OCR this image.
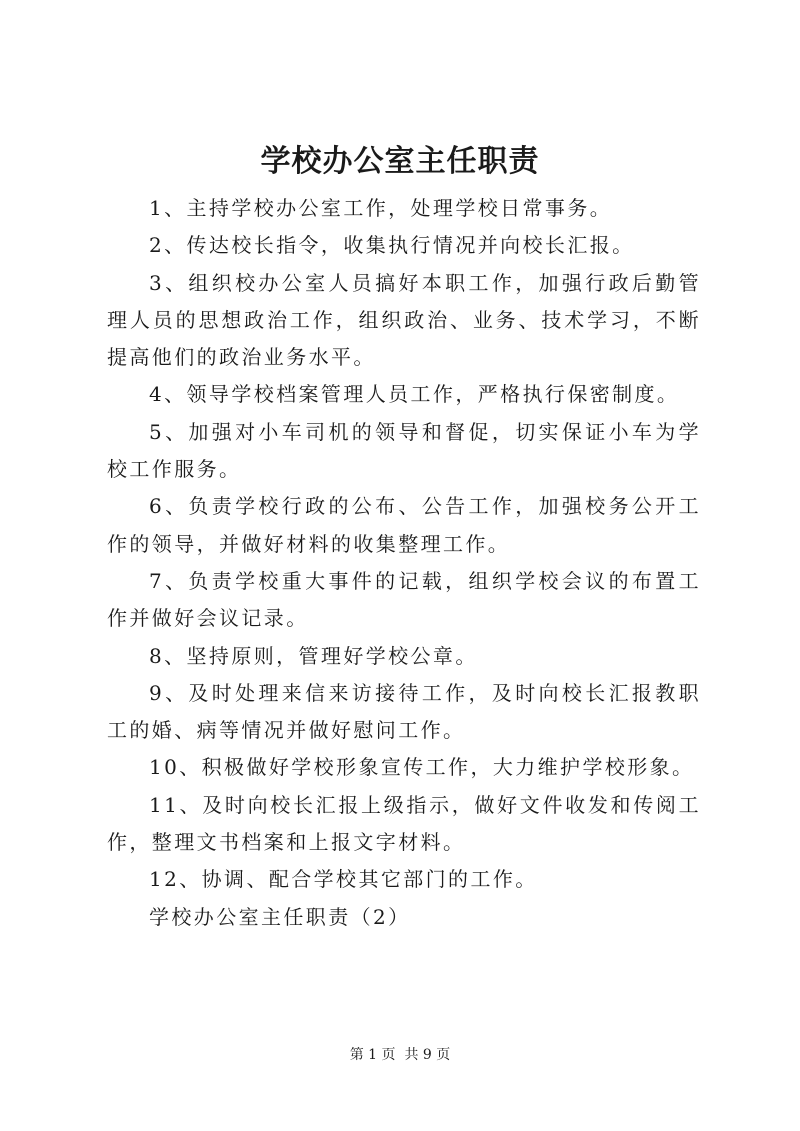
学校办公室主任职责

1、主持学校办公室工作，处理学校日常事务。

2、传达校长指令，收集执行情况并向校长汇报。

3、组织校办公室人员搞好本职工作，加强行政后勤管理人员的思想政治工作，组织政治、业务、技术学习，不断提高他们的政治业务水平。

4、领导学校档案管理人员工作，严格执行保密制度。

5、加强对小车司机的领导和督促，切实保证小车为学校工作服务。

6、负责学校行政的公布、公告工作，加强校务公开工作的领导，并做好材料的收集整理工作。

7、负责学校重大事件的记载，组织学校会议的布置工作并做好会议记录。

8、坚持原则，管理好学校公章。

9、及时处理来信来访接待工作，及时向校长汇报教职工的婚、病等情况并做好慰问工作。

10、积极做好学校形象宣传工作，大力维护学校形象。

11、及时向校长汇报上级指示，做好文件收发和传阅工作，整理文书档案和上报文字材料。

12、协调、配合学校其它部门的工作。

学校办公室主任职责（2）

第 1 页  共 9 页
